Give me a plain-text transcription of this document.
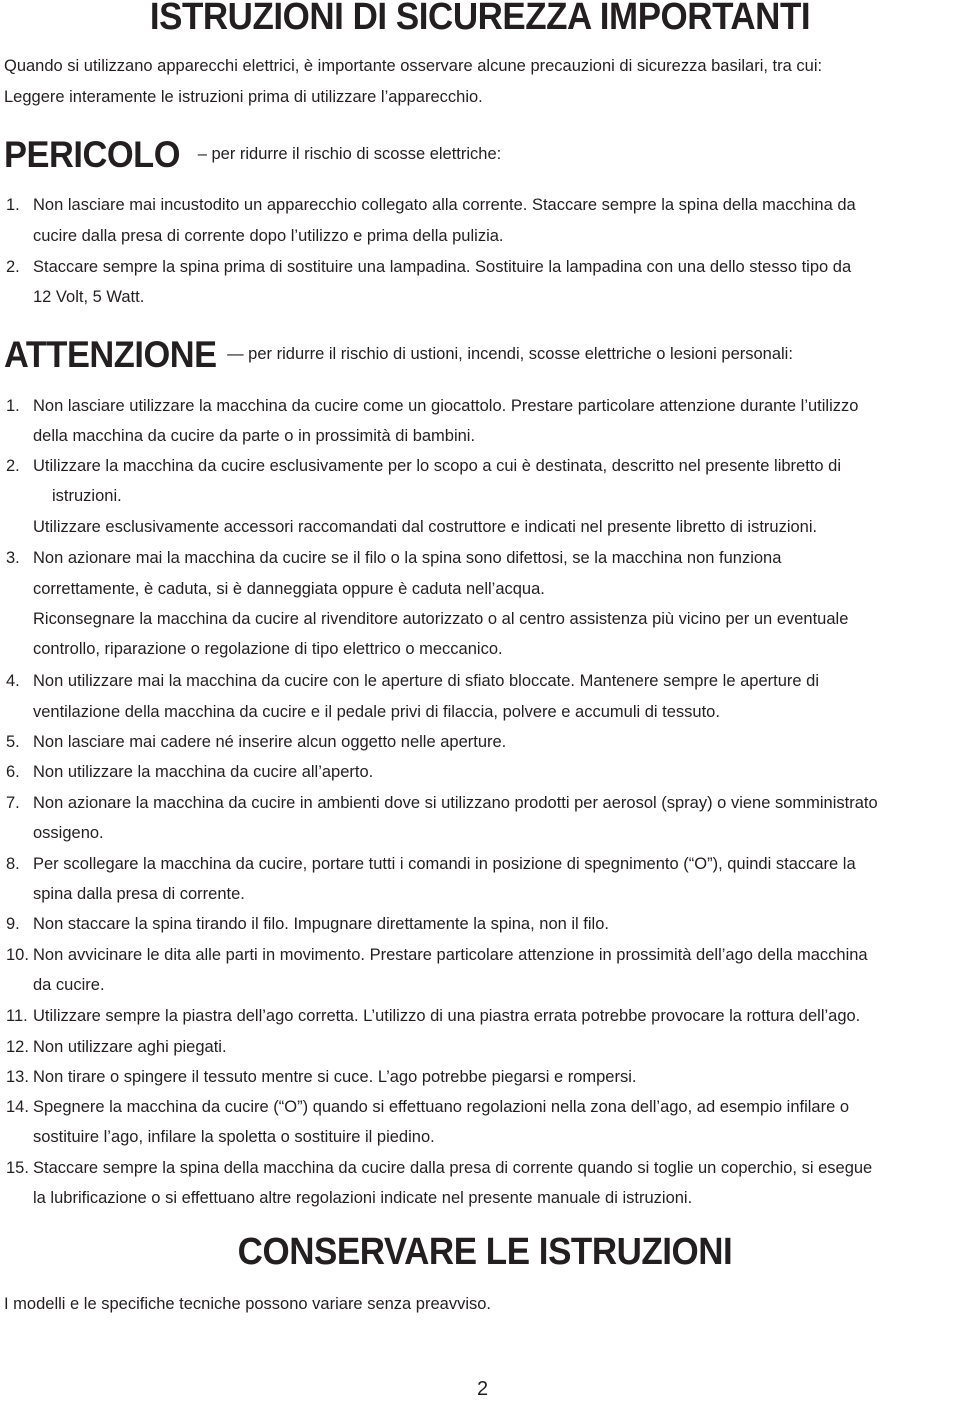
ISTRUZIONI DI SICUREZZA IMPORTANTI
Quando si utilizzano apparecchi elettrici, è importante osservare alcune precauzioni di sicurezza basilari, tra cui:
Leggere interamente le istruzioni prima di utilizzare l’apparecchio.
PERICOLO – per ridurre il rischio di scosse elettriche:
1. Non lasciare mai incustodito un apparecchio collegato alla corrente. Staccare sempre la spina della macchina da
cucire dalla presa di corrente dopo l’utilizzo e prima della pulizia.
2. Staccare sempre la spina prima di sostituire una lampadina. Sostituire la lampadina con una dello stesso tipo da
12 Volt, 5 Watt.
ATTENZIONE — per ridurre il rischio di ustioni, incendi, scosse elettriche o lesioni personali:
1. Non lasciare utilizzare la macchina da cucire come un giocattolo. Prestare particolare attenzione durante l’utilizzo
della macchina da cucire da parte o in prossimità di bambini.
2. Utilizzare la macchina da cucire esclusivamente per lo scopo a cui è destinata, descritto nel presente libretto di
istruzioni.
Utilizzare esclusivamente accessori raccomandati dal costruttore e indicati nel presente libretto di istruzioni.
3. Non azionare mai la macchina da cucire se il filo o la spina sono difettosi, se la macchina non funziona
correttamente, è caduta, si è danneggiata oppure è caduta nell’acqua.
Riconsegnare la macchina da cucire al rivenditore autorizzato o al centro assistenza più vicino per un eventuale
controllo, riparazione o regolazione di tipo elettrico o meccanico.
4. Non utilizzare mai la macchina da cucire con le aperture di sfiato bloccate. Mantenere sempre le aperture di
ventilazione della macchina da cucire e il pedale privi di filaccia, polvere e accumuli di tessuto.
5. Non lasciare mai cadere né inserire alcun oggetto nelle aperture.
6. Non utilizzare la macchina da cucire all’aperto.
7. Non azionare la macchina da cucire in ambienti dove si utilizzano prodotti per aerosol (spray) o viene somministrato
ossigeno.
8. Per scollegare la macchina da cucire, portare tutti i comandi in posizione di spegnimento (“O”), quindi staccare la
spina dalla presa di corrente.
9. Non staccare la spina tirando il filo. Impugnare direttamente la spina, non il filo.
10. Non avvicinare le dita alle parti in movimento. Prestare particolare attenzione in prossimità dell’ago della macchina
da cucire.
11. Utilizzare sempre la piastra dell’ago corretta. L’utilizzo di una piastra errata potrebbe provocare la rottura dell’ago.
12. Non utilizzare aghi piegati.
13. Non tirare o spingere il tessuto mentre si cuce. L’ago potrebbe piegarsi e rompersi.
14. Spegnere la macchina da cucire (“O”) quando si effettuano regolazioni nella zona dell’ago, ad esempio infilare o
sostituire l’ago, infilare la spoletta o sostituire il piedino.
15. Staccare sempre la spina della macchina da cucire dalla presa di corrente quando si toglie un coperchio, si esegue
la lubrificazione o si effettuano altre regolazioni indicate nel presente manuale di istruzioni.
CONSERVARE LE ISTRUZIONI
I modelli e le specifiche tecniche possono variare senza preavviso.
2
